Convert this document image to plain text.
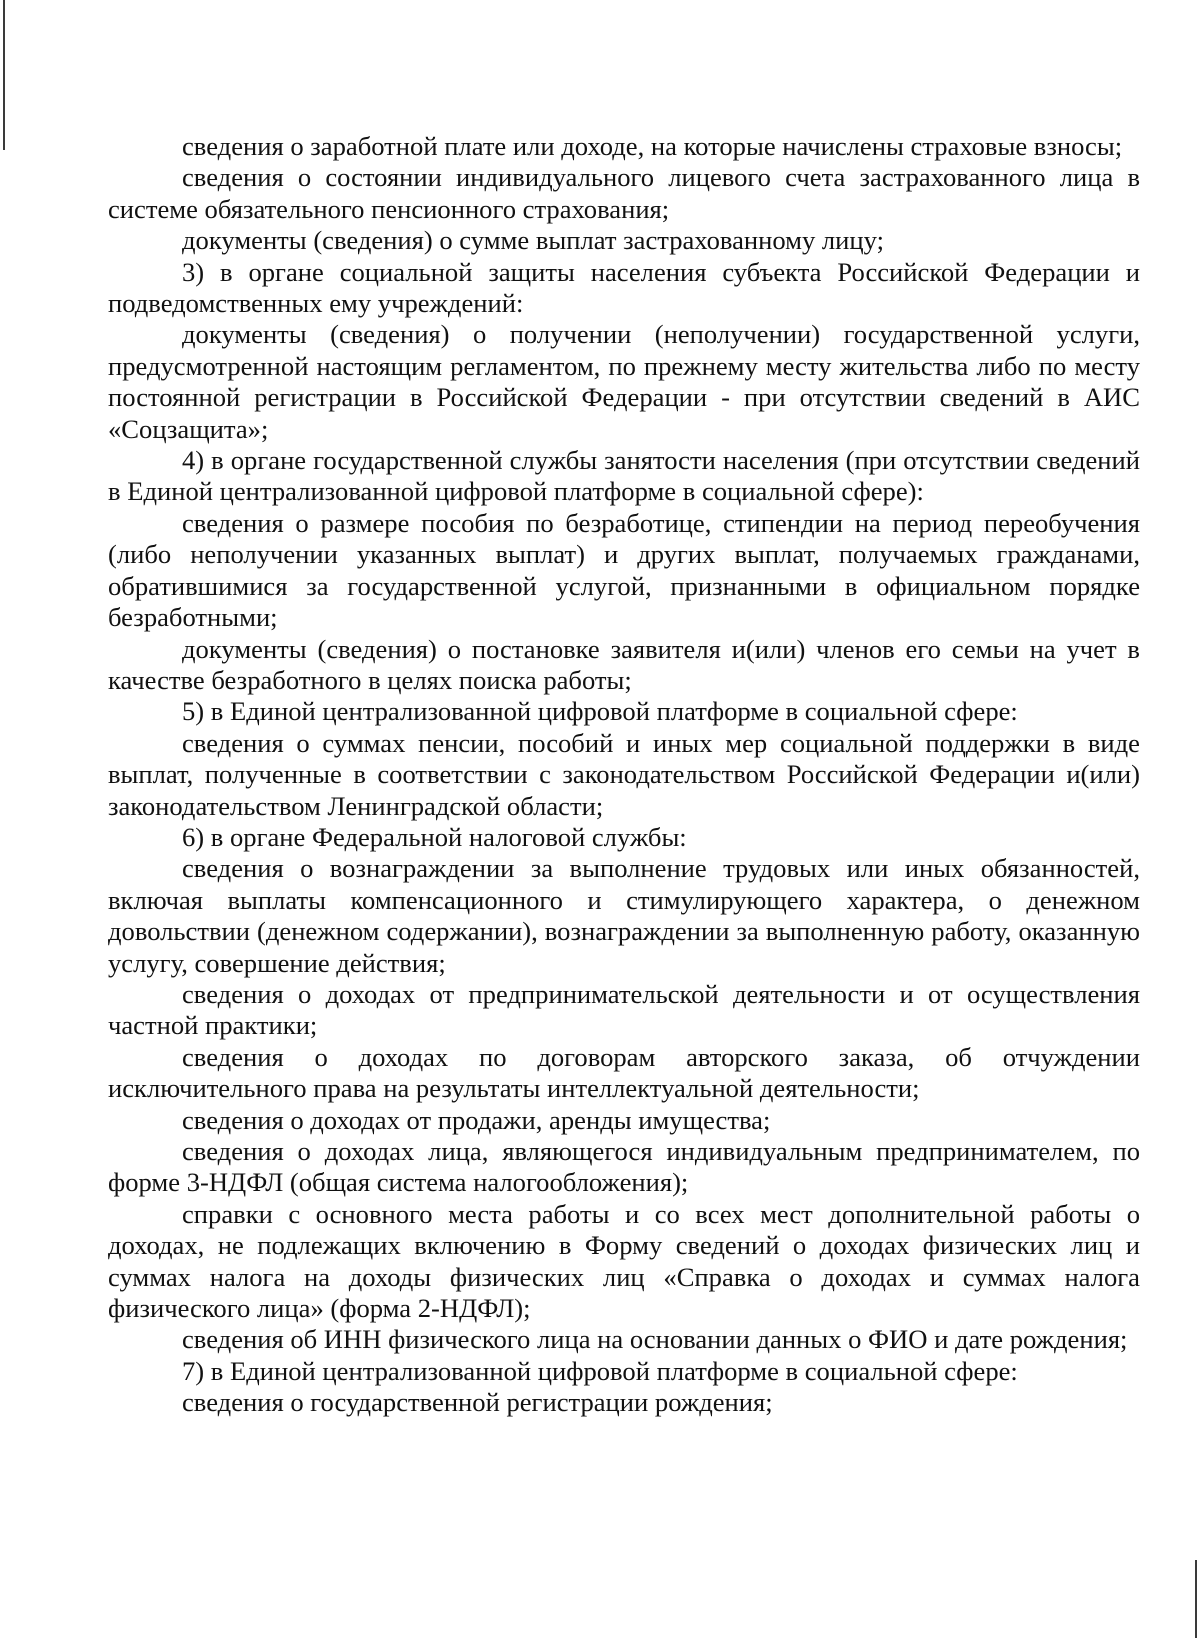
сведения о заработной плате или доходе, на которые начислены страховые взносы;

сведения о состоянии индивидуального лицевого счета застрахованного лица в системе обязательного пенсионного страхования;

документы (сведения) о сумме выплат застрахованному лицу;

3) в органе социальной защиты населения субъекта Российской Федерации и подведомственных ему учреждений:

документы (сведения) о получении (неполучении) государственной услуги, предусмотренной настоящим регламентом, по прежнему месту жительства либо по месту постоянной регистрации в Российской Федерации - при отсутствии сведений в АИС «Соцзащита»;

4) в органе государственной службы занятости населения (при отсутствии сведений в Единой централизованной цифровой платформе в социальной сфере):

сведения о размере пособия по безработице, стипендии на период переобучения (либо неполучении указанных выплат) и других выплат, получаемых гражданами, обратившимися за государственной услугой, признанными в официальном порядке безработными;

документы (сведения) о постановке заявителя и(или) членов его семьи на учет в качестве безработного в целях поиска работы;

5) в Единой централизованной цифровой платформе в социальной сфере:

сведения о суммах пенсии, пособий и иных мер социальной поддержки в виде выплат, полученные в соответствии с законодательством Российской Федерации и(или) законодательством Ленинградской области;

6) в органе Федеральной налоговой службы:

сведения о вознаграждении за выполнение трудовых или иных обязанностей, включая выплаты компенсационного и стимулирующего характера, о денежном довольствии (денежном содержании), вознаграждении за выполненную работу, оказанную услугу, совершение действия;

сведения о доходах от предпринимательской деятельности и от осуществления частной практики;

сведения о доходах по договорам авторского заказа, об отчуждении исключительного права на результаты интеллектуальной деятельности;

сведения о доходах от продажи, аренды имущества;

сведения о доходах лица, являющегося индивидуальным предпринимателем, по форме 3-НДФЛ (общая система налогообложения);

справки с основного места работы и со всех мест дополнительной работы о доходах, не подлежащих включению в Форму сведений о доходах физических лиц и суммах налога на доходы физических лиц «Справка о доходах и суммах налога физического лица» (форма 2-НДФЛ);

сведения об ИНН физического лица на основании данных о ФИО и дате рождения;

7) в Единой централизованной цифровой платформе в социальной сфере:

сведения о государственной регистрации рождения;
